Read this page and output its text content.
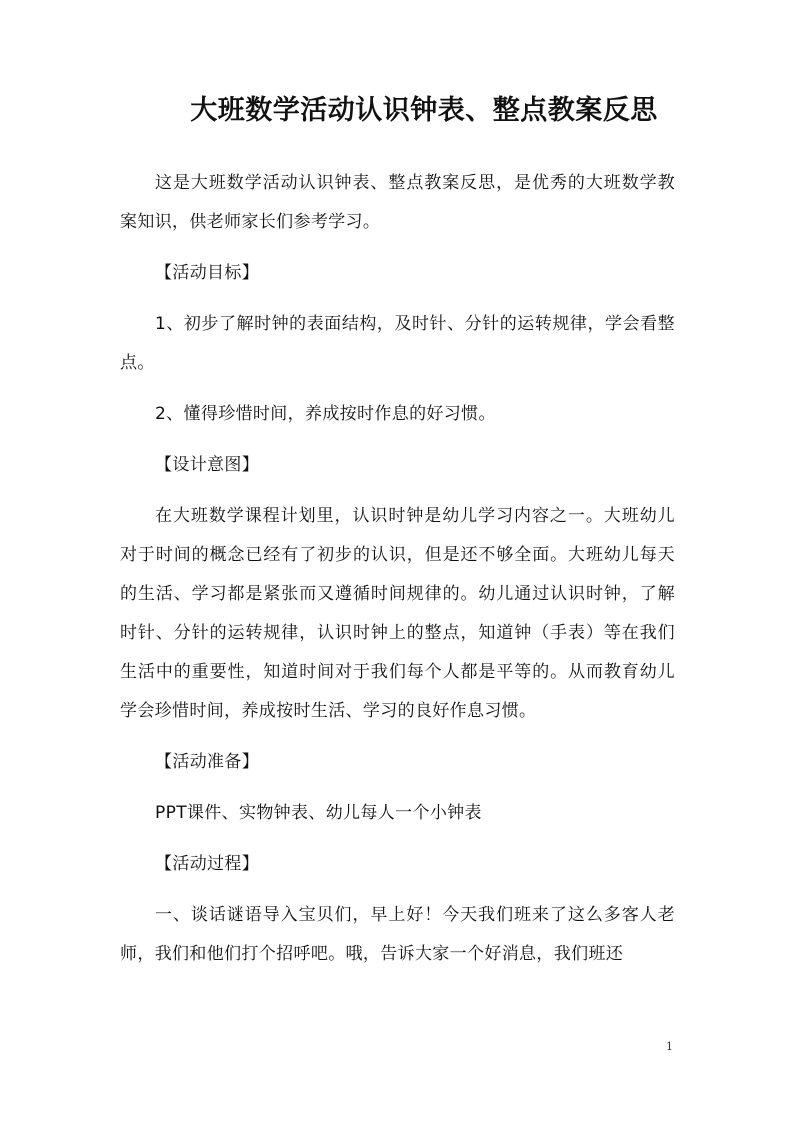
大班数学活动认识钟表、整点教案反思

这是大班数学活动认识钟表、整点教案反思，是优秀的大班数学教案知识，供老师家长们参考学习。

【活动目标】

1、初步了解时钟的表面结构，及时针、分针的运转规律，学会看整点。

2、懂得珍惜时间，养成按时作息的好习惯。

【设计意图】

在大班数学课程计划里，认识时钟是幼儿学习内容之一。大班幼儿对于时间的概念已经有了初步的认识，但是还不够全面。大班幼儿每天的生活、学习都是紧张而又遵循时间规律的。幼儿通过认识时钟，了解时针、分针的运转规律，认识时钟上的整点，知道钟（手表）等在我们生活中的重要性，知道时间对于我们每个人都是平等的。从而教育幼儿学会珍惜时间，养成按时生活、学习的良好作息习惯。

【活动准备】

PPT课件、实物钟表、幼儿每人一个小钟表

【活动过程】

一、谈话谜语导入宝贝们，早上好！今天我们班来了这么多客人老师，我们和他们打个招呼吧。哦，告诉大家一个好消息，我们班还

1
